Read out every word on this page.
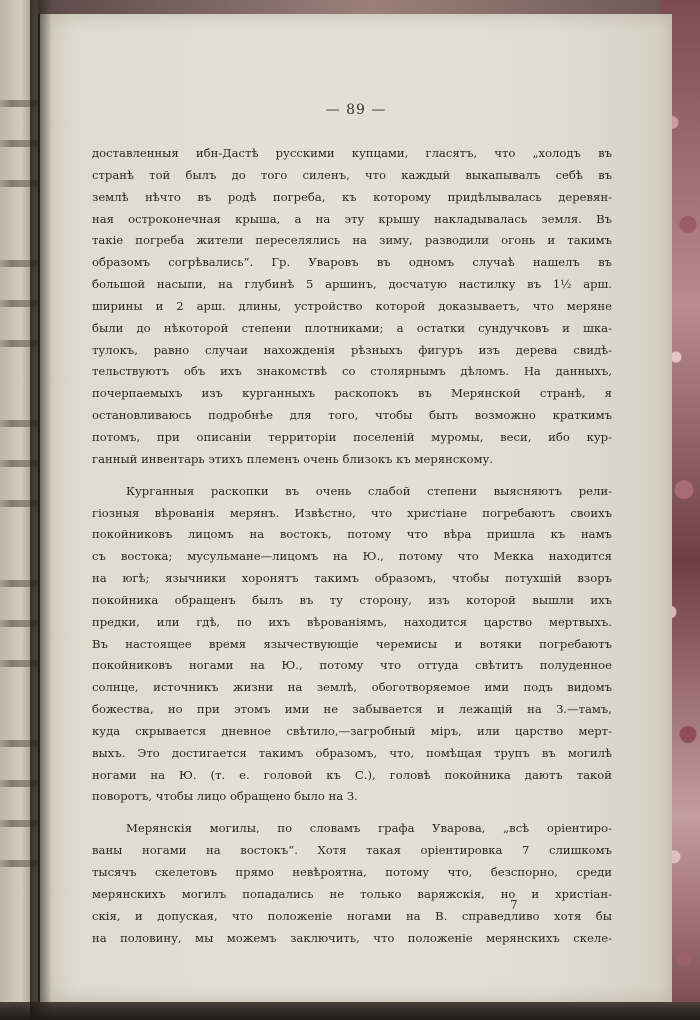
— 89 —
доставленныя ибн-Дастѣ русскими купцами, гласятъ, что „холодъ въ
странѣ той былъ до того силенъ, что каждый выкапывалъ себѣ въ
землѣ нѣчто въ родѣ погреба, къ которому придѣлывалась деревян-
ная остроконечная крыша, а на эту крышу накладывалась земля. Въ
такіе погреба жители переселялись на зиму, разводили огонь и такимъ
образомъ согрѣвались“. Гр. Уваровъ въ одномъ случаѣ нашелъ въ
большой насыпи, на глубинѣ 5 аршинъ, досчатую настилку въ 1½ арш.
ширины и 2 арш. длины, устройство которой доказываетъ, что меряне
были до нѣкоторой степени плотниками; а остатки сундучковъ и шка-
тулокъ, равно случаи нахожденія рѣзныхъ фигуръ изъ дерева свидѣ-
тельствуютъ объ ихъ знакомствѣ со столярнымъ дѣломъ. На данныхъ,
почерпаемыхъ изъ курганныхъ раскопокъ въ Мерянской странѣ, я
остановливаюсь подробнѣе для того, чтобы быть возможно краткимъ
потомъ, при описаніи территоріи поселеній муромы, веси, ибо кур-
ганный инвентарь этихъ племенъ очень близокъ къ мерянскому.
Курганныя раскопки въ очень слабой степени выясняютъ рели-
гіозныя вѣрованія мерянъ. Извѣстно, что христіане погребаютъ своихъ
покойниковъ лицомъ на востокъ, потому что вѣра пришла къ намъ
съ востока; мусульмане—лицомъ на Ю., потому что Мекка находится
на югѣ; язычники хоронятъ такимъ образомъ, чтобы потухшій взоръ
покойника обращенъ былъ въ ту сторону, изъ которой вышли ихъ
предки, или гдѣ, по ихъ вѣрованіямъ, находится царство мертвыхъ.
Въ настоящее время язычествующіе черемисы и вотяки погребаютъ
покойниковъ ногами на Ю., потому что оттуда свѣтитъ полуденное
солнце, источникъ жизни на землѣ, обоготворяемое ими подъ видомъ
божества, но при этомъ ими не забывается и лежащій на З.—тамъ,
куда скрывается дневное свѣтило,—загробный міръ, или царство мерт-
выхъ. Это достигается такимъ образомъ, что, помѣщая трупъ въ могилѣ
ногами на Ю. (т. е. головой къ С.), головѣ покойника даютъ такой
поворотъ, чтобы лицо обращено было на З.
Мерянскія могилы, по словамъ графа Уварова, „всѣ оріентиро-
ваны ногами на востокъ“. Хотя такая оріентировка 7 слишкомъ
тысячъ скелетовъ прямо невѣроятна, потому что, безспорно, среди
мерянскихъ могилъ попадались не только варяжскія, но и христіан-
скія, и допуская, что положеніе ногами на В. справедливо хотя бы
на половину, мы можемъ заключить, что положеніе мерянскихъ скеле-
7
